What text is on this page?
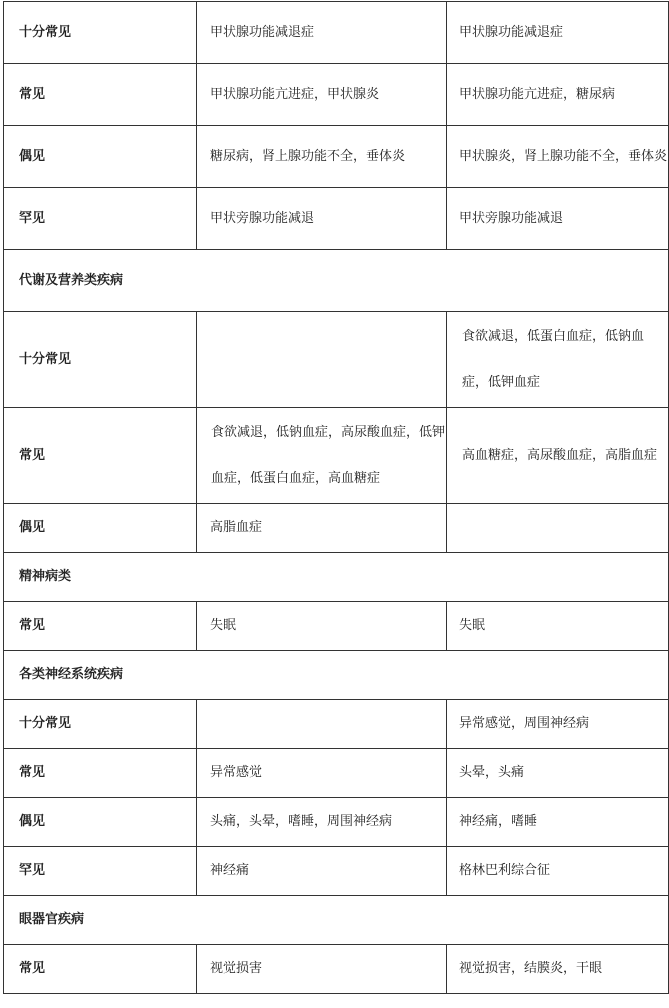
十分常见	甲状腺功能减退症	甲状腺功能减退症
常见	甲状腺功能亢进症，甲状腺炎	甲状腺功能亢进症，糖尿病
偶见	糖尿病，肾上腺功能不全，垂体炎	甲状腺炎，肾上腺功能不全，垂体炎
罕见	甲状旁腺功能减退	甲状旁腺功能减退
代谢及营养类疾病		
十分常见		食欲减退，低蛋白血症，低钠血症，低钾血症

常见	食欲减退，低钠血症，高尿酸血症，低钾血症，低蛋白血症，高血糖症	高血糖症，高尿酸血症，高脂血症
偶见	高脂血症	
精神病类		
常见	失眠	失眠
各类神经系统疾病		
十分常见		异常感觉，周围神经病
常见	异常感觉	头晕，头痛
偶见	头痛，头晕，嗜睡，周围神经病	神经痛，嗜睡
罕见	神经痛	格林巴利综合征
眼器官疾病		
常见	视觉损害	视觉损害，结膜炎，干眼
